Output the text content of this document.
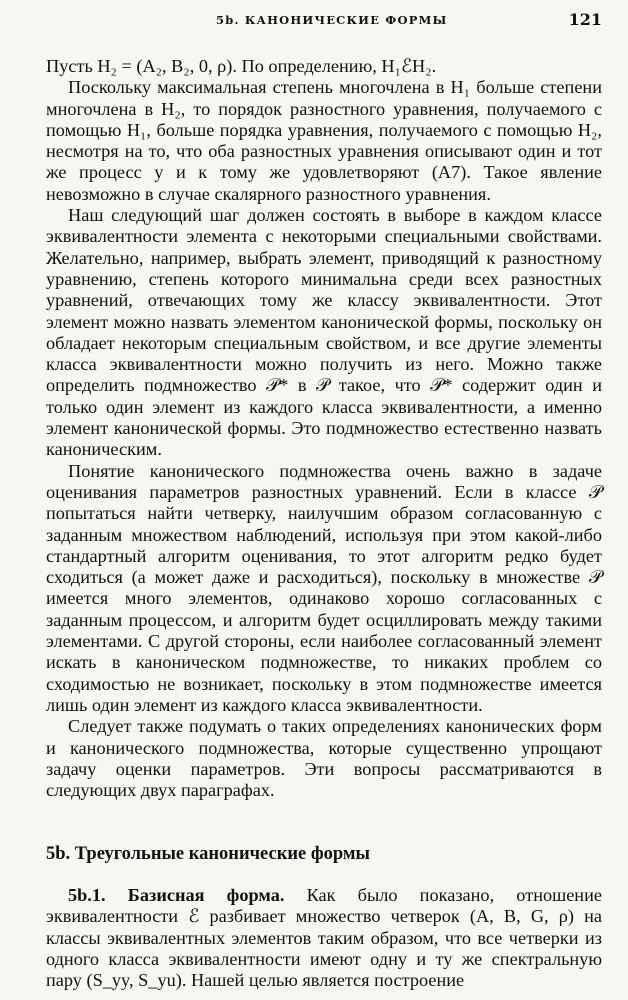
5b. КАНОНИЧЕСКИЕ ФОРМЫ	121

Пусть H₂ = (A₂, B₂, 0, ρ). По определению, H₁ℰH₂.

Поскольку максимальная степень многочлена в H₁ больше степени многочлена в H₂, то порядок разностного уравнения, получаемого с помощью H₁, больше порядка уравнения, получаемого с помощью H₂, несмотря на то, что оба разностных уравнения описывают один и тот же процесс y и к тому же удовлетворяют (A7). Такое явление невозможно в случае скалярного разностного уравнения.

Наш следующий шаг должен состоять в выборе в каждом классе эквивалентности элемента с некоторыми специальными свойствами. Желательно, например, выбрать элемент, приводящий к разностному уравнению, степень которого минимальна среди всех разностных уравнений, отвечающих тому же классу эквивалентности. Этот элемент можно назвать элементом канонической формы, поскольку он обладает некоторым специальным свойством, и все другие элементы класса эквивалентности можно получить из него. Можно также определить подмножество 𝒫* в 𝒫 такое, что 𝒫* содержит один и только один элемент из каждого класса эквивалентности, а именно элемент канонической формы. Это подмножество естественно назвать каноническим.

Понятие канонического подмножества очень важно в задаче оценивания параметров разностных уравнений. Если в классе 𝒫 попытаться найти четверку, наилучшим образом согласованную с заданным множеством наблюдений, используя при этом какой-либо стандартный алгоритм оценивания, то этот алгоритм редко будет сходиться (а может даже и расходиться), поскольку в множестве 𝒫 имеется много элементов, одинаково хорошо согласованных с заданным процессом, и алгоритм будет осциллировать между такими элементами. С другой стороны, если наиболее согласованный элемент искать в каноническом подмножестве, то никаких проблем со сходимостью не возникает, поскольку в этом подмножестве имеется лишь один элемент из каждого класса эквивалентности.

Следует также подумать о таких определениях канонических форм и канонического подмножества, которые существенно упрощают задачу оценки параметров. Эти вопросы рассматриваются в следующих двух параграфах.

5b. Треугольные канонические формы
5b.1. Базисная форма. Как было показано, отношение эквивалентности ℰ разбивает множество четверок (A, B, G, ρ) на классы эквивалентных элементов таким образом, что все четверки из одного класса эквивалентности имеют одну и ту же спектральную пару (S_yy, S_yu). Нашей целью является построение
